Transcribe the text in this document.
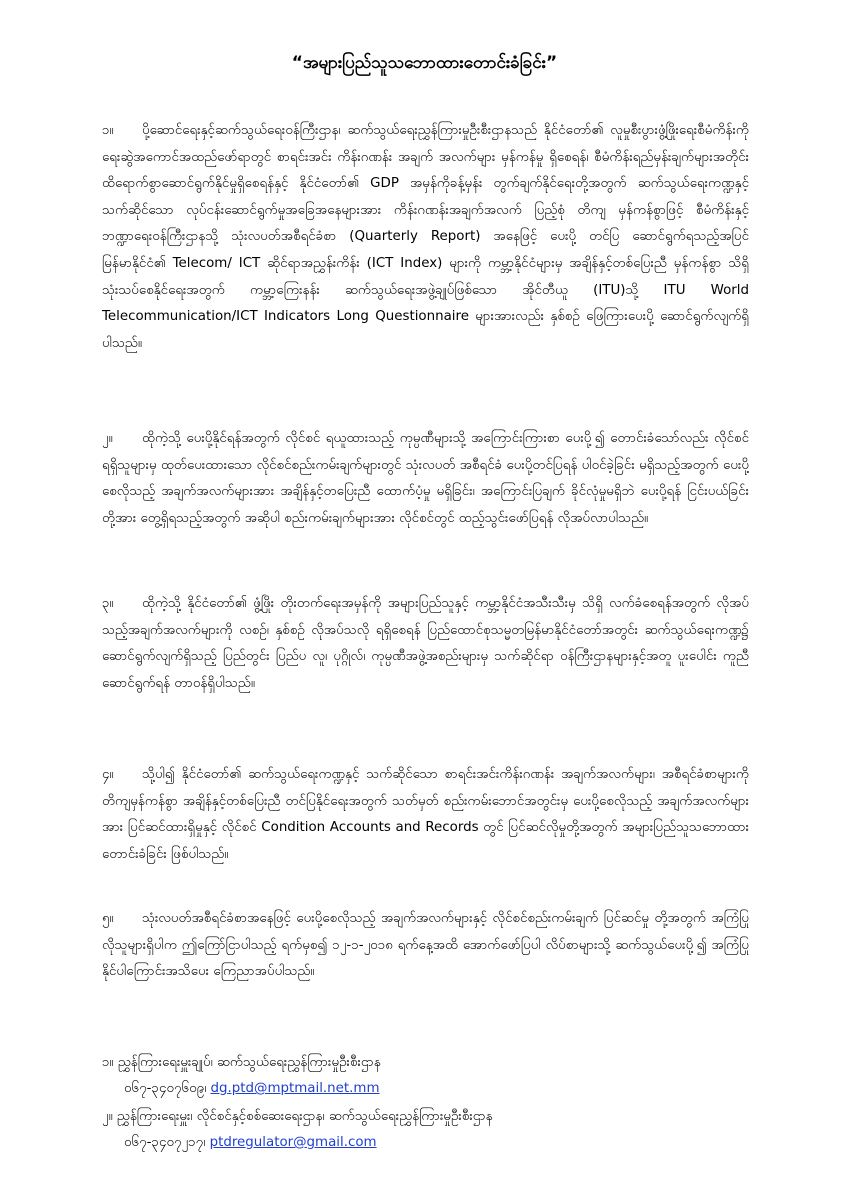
“အများပြည်သူသဘောထားတောင်းခံခြင်း”
၁။ ပို့ဆောင်ရေးနှင့်ဆက်သွယ်ရေးဝန်ကြီးဌာန၊ ဆက်သွယ်ရေးညွှန်ကြားမှုဦးစီးဌာနသည် နိုင်ငံတော်၏ လူမှုစီးပွားဖွံ့ဖြိုးရေးစီမံကိန်းကို ရေးဆွဲအကောင်အထည်ဖော်ရာတွင် စာရင်းအင်း ကိန်းဂဏန်း အချက် အလက်များ မှန်ကန်မှု ရှိစေရန်၊ စီမံကိန်းရည်မှန်းချက်များအတိုင်းထိရောက်စွာဆောင်ရွက်နိုင်မှုရှိစေရန်နှင့် နိုင်ငံတော်၏ GDP အမှန်ကိုခန့်မှန်း တွက်ချက်နိုင်ရေးတို့အတွက် ဆက်သွယ်ရေးကဏ္ဍနှင့် သက်ဆိုင်သော လုပ်ငန်းဆောင်ရွက်မှုအခြေအနေများအား ကိန်းဂဏန်းအချက်အလက် ပြည့်စုံ တိကျ မှန်ကန်စွာဖြင့် စီမံကိန်းနှင့် ဘဏ္ဍာရေးဝန်ကြီးဌာနသို့ သုံးလပတ်အစီရင်ခံစာ (Quarterly Report) အနေဖြင့် ပေးပို့ တင်ပြ ဆောင်ရွက်ရသည့်အပြင် မြန်မာနိုင်ငံ၏ Telecom/ ICT ဆိုင်ရာအညွှန်းကိန်း (ICT Index) များကို ကမ္ဘာ့နိုင်ငံများမှ အချိန်နှင့်တစ်ပြေးညီ မှန်ကန်စွာ သိရှိသုံးသပ်စေနိုင်ရေးအတွက် ကမ္ဘာ့ကြေးနန်း ဆက်သွယ်ရေးအဖွဲ့ချုပ်ဖြစ်သော အိုင်တီယူ (ITU)သို့ ITU World Telecommunication/ICT Indicators Long Questionnaire များအားလည်း နှစ်စဉ် ဖြေကြားပေးပို့ ဆောင်ရွက်လျက်ရှိပါသည်။
၂။ ထိုကဲ့သို့ ပေးပို့နိုင်ရန်အတွက် လိုင်စင် ရယူထားသည့် ကုမ္ပဏီများသို့ အကြောင်းကြားစာ ပေးပို့၍ တောင်းခံသော်လည်း လိုင်စင်ရရှိသူများမှ ထုတ်ပေးထားသော လိုင်စင်စည်းကမ်းချက်များတွင် သုံးလပတ် အစီရင်ခံ ပေးပို့တင်ပြရန် ပါဝင်ခဲ့ခြင်း မရှိသည့်အတွက် ပေးပို့စေလိုသည့် အချက်အလက်များအား အချိန်နှင့်တပြေးညီ ထောက်ပံ့မှု မရှိခြင်း၊ အကြောင်းပြချက် ခိုင်လုံမှုမရှိဘဲ ပေးပို့ရန် ငြင်းပယ်ခြင်း တို့အား တွေ့ရှိရသည့်အတွက် အဆိုပါ စည်းကမ်းချက်များအား လိုင်စင်တွင် ထည့်သွင်းဖော်ပြရန် လိုအပ်လာပါသည်။
၃။ ထိုကဲ့သို့ နိုင်ငံတော်၏ ဖွံ့ဖြိုး တိုးတက်ရေးအမှန်ကို အများပြည်သူနှင့် ကမ္ဘာ့နိုင်ငံအသီးသီးမှ သိရှိ လက်ခံစေရန်အတွက် လိုအပ်သည့်အချက်အလက်များကို လစဉ်၊ နှစ်စဉ် လိုအပ်သလို ရရှိစေရန် ပြည်ထောင်စုသမ္မတမြန်မာနိုင်ငံတော်အတွင်း ဆက်သွယ်ရေးကဏ္ဍ၌ ဆောင်ရွက်လျက်ရှိသည့် ပြည်တွင်း ပြည်ပ လူ၊ ပုဂ္ဂိုလ်၊ ကုမ္ပဏီအဖွဲ့အစည်းများမှ သက်ဆိုင်ရာ ဝန်ကြီးဌာနများနှင့်အတူ ပူးပေါင်း ကူညီ ဆောင်ရွက်ရန် တာဝန်ရှိပါသည်။
၄။ သို့ပါ၍ နိုင်ငံတော်၏ ဆက်သွယ်ရေးကဏ္ဍနှင့် သက်ဆိုင်သော စာရင်းအင်းကိန်းဂဏန်း အချက်အလက်များ၊ အစီရင်ခံစာများကို တိကျမှန်ကန်စွာ အချိန်နှင့်တစ်ပြေးညီ တင်ပြနိုင်ရေးအတွက် သတ်မှတ် စည်းကမ်းဘောင်အတွင်းမှ ပေးပို့စေလိုသည့် အချက်အလက်များအား ပြင်ဆင်ထားရှိမှုနှင့် လိုင်စင် Condition Accounts and Records တွင် ပြင်ဆင်လိုမှုတို့အတွက် အများပြည်သူသဘောထား တောင်းခံခြင်း ဖြစ်ပါသည်။
၅။ သုံးလပတ်အစီရင်ခံစာအနေဖြင့် ပေးပို့စေလိုသည့် အချက်အလက်များနှင့် လိုင်စင်စည်းကမ်းချက် ပြင်ဆင်မှု တို့အတွက် အကြံပြုလိုသူများရှိပါက ဤကြော်ငြာပါသည့် ရက်မှစ၍ ၁၂-၁-၂၀၁၈ ရက်နေ့အထိ အောက်ဖော်ပြပါ လိပ်စာများသို့ ဆက်သွယ်ပေးပို့၍ အကြံပြုနိုင်ပါကြောင်းအသိပေး ကြေညာအပ်ပါသည်။
၁။ ညွှန်ကြားရေးမှူးချုပ်၊ ဆက်သွယ်ရေးညွှန်ကြားမှုဦးစီးဌာန
၀၆၇-၃၄၀၇၆၀၉၊ dg.ptd@mptmail.net.mm
၂။ ညွှန်ကြားရေးမှူး၊ လိုင်စင်နှင့်စစ်ဆေးရေးဌာန၊ ဆက်သွယ်ရေးညွှန်ကြားမှုဦးစီးဌာန
၀၆၇-၃၄၀၇၂၁၇၊ ptdregulator@gmail.com
